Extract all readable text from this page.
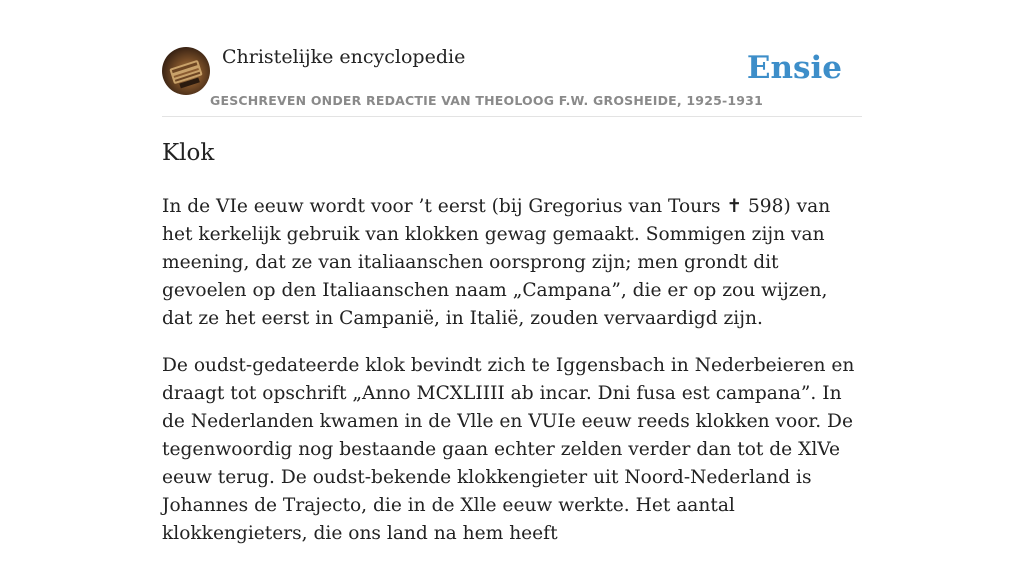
Christelijke encyclopedie
GESCHREVEN ONDER REDACTIE VAN THEOLOOG F.W. GROSHEIDE, 1925-1931
Ensie
Klok

In de VIe eeuw wordt voor ’t eerst (bij Gregorius van Tours ✝ 598) van het kerkelijk gebruik van klokken gewag gemaakt. Sommigen zijn van meening, dat ze van italiaanschen oorsprong zijn; men grondt dit gevoelen op den Italiaanschen naam „Campana”, die er op zou wijzen, dat ze het eerst in Campanië, in Italië, zouden vervaardigd zijn.

De oudst-gedateerde klok bevindt zich te Iggensbach in Nederbeieren en draagt tot opschrift „Anno MCXLIIII ab incar. Dni fusa est campana”. In de Nederlanden kwamen in de Vlle en VUIe eeuw reeds klokken voor. De tegenwoordig nog bestaande gaan echter zelden verder dan tot de XlVe eeuw terug. De oudst-bekende klokkengieter uit Noord-Nederland is Johannes de Trajecto, die in de Xlle eeuw werkte. Het aantal klokkengieters, die ons land na hem heeft
